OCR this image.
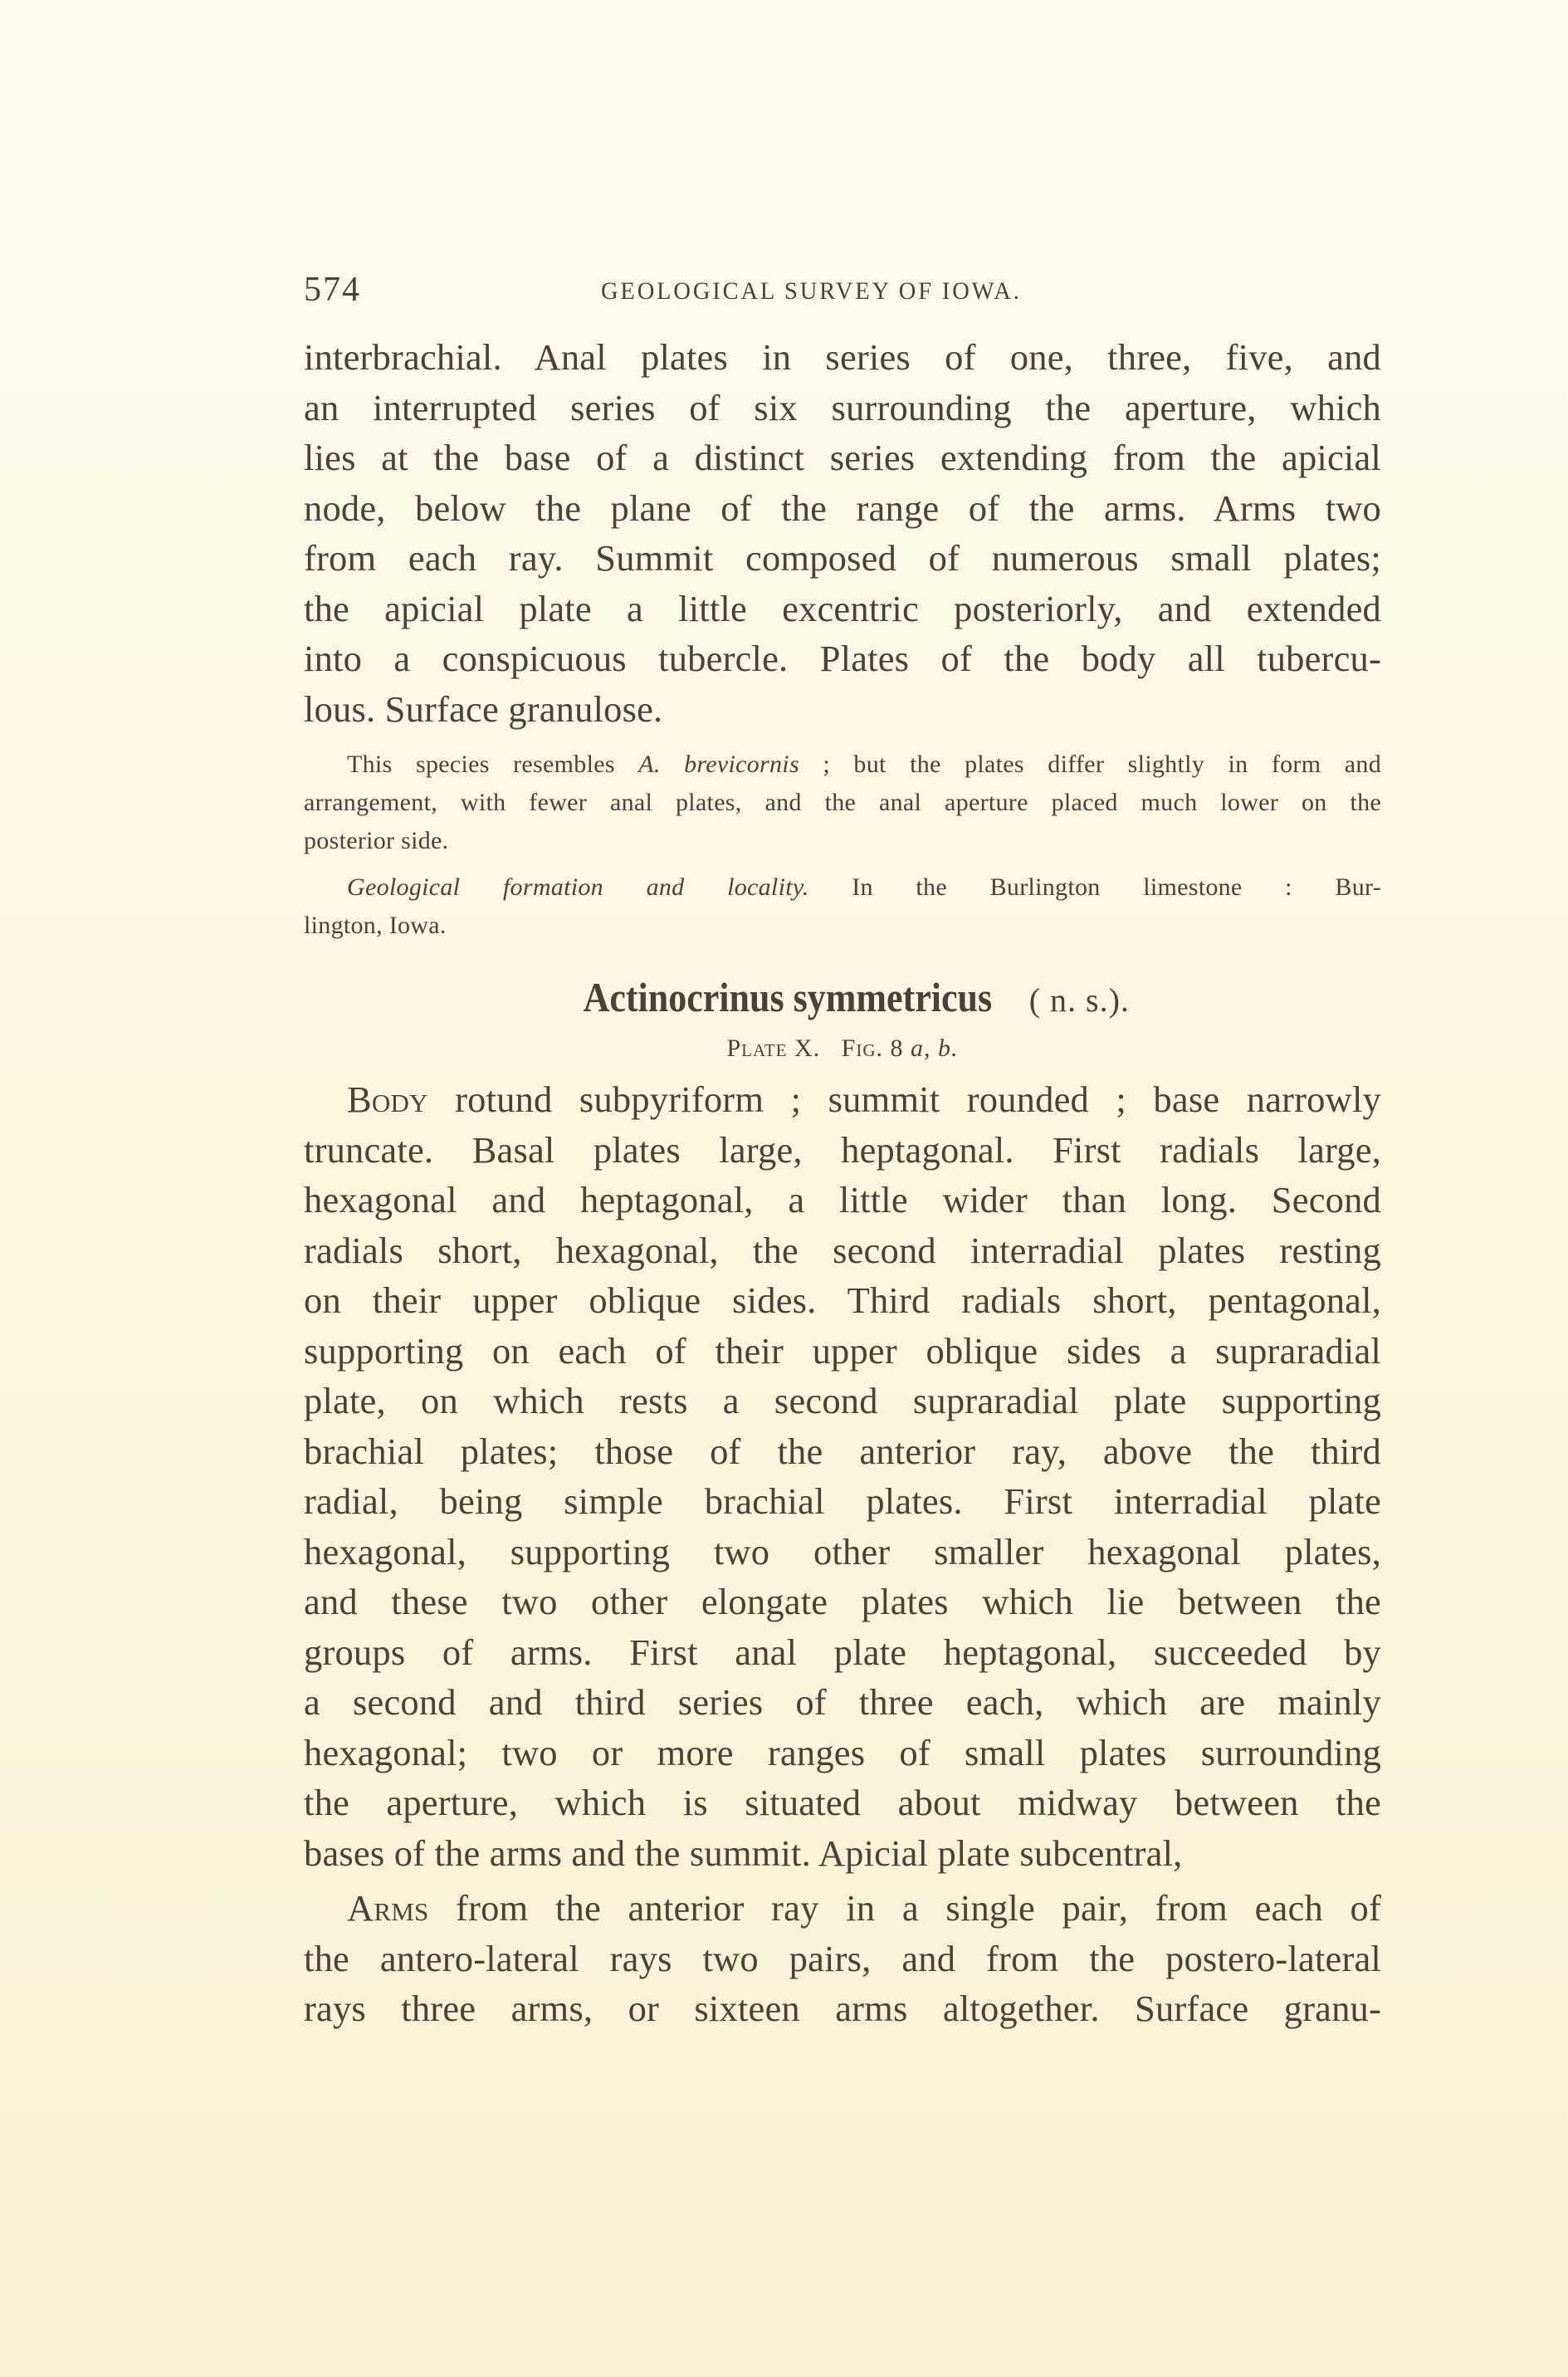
574	GEOLOGICAL SURVEY OF IOWA.
interbrachial. Anal plates in series of one, three, five, and
an interrupted series of six surrounding the aperture, which
lies at the base of a distinct series extending from the apicial
node, below the plane of the range of the arms. Arms two
from each ray. Summit composed of numerous small plates;
the apicial plate a little excentric posteriorly, and extended
into a conspicuous tubercle. Plates of the body all tubercu-
lous. Surface granulose.
This species resembles A. brevicornis ; but the plates differ slightly in form and
arrangement, with fewer anal plates, and the anal aperture placed much lower on the
posterior side.
Geological formation and locality. In the Burlington limestone : Bur-
lington, Iowa.
Actinocrinus symmetricus ( n. s.).
Plate X. Fig. 8 a, b.
Body rotund subpyriform ; summit rounded ; base narrowly
truncate. Basal plates large, heptagonal. First radials large,
hexagonal and heptagonal, a little wider than long. Second
radials short, hexagonal, the second interradial plates resting
on their upper oblique sides. Third radials short, pentagonal,
supporting on each of their upper oblique sides a supraradial
plate, on which rests a second supraradial plate supporting
brachial plates; those of the anterior ray, above the third
radial, being simple brachial plates. First interradial plate
hexagonal, supporting two other smaller hexagonal plates,
and these two other elongate plates which lie between the
groups of arms. First anal plate heptagonal, succeeded by
a second and third series of three each, which are mainly
hexagonal; two or more ranges of small plates surrounding
the aperture, which is situated about midway between the
bases of the arms and the summit. Apicial plate subcentral,
Arms from the anterior ray in a single pair, from each of
the antero-lateral rays two pairs, and from the postero-lateral
rays three arms, or sixteen arms altogether. Surface granu-
